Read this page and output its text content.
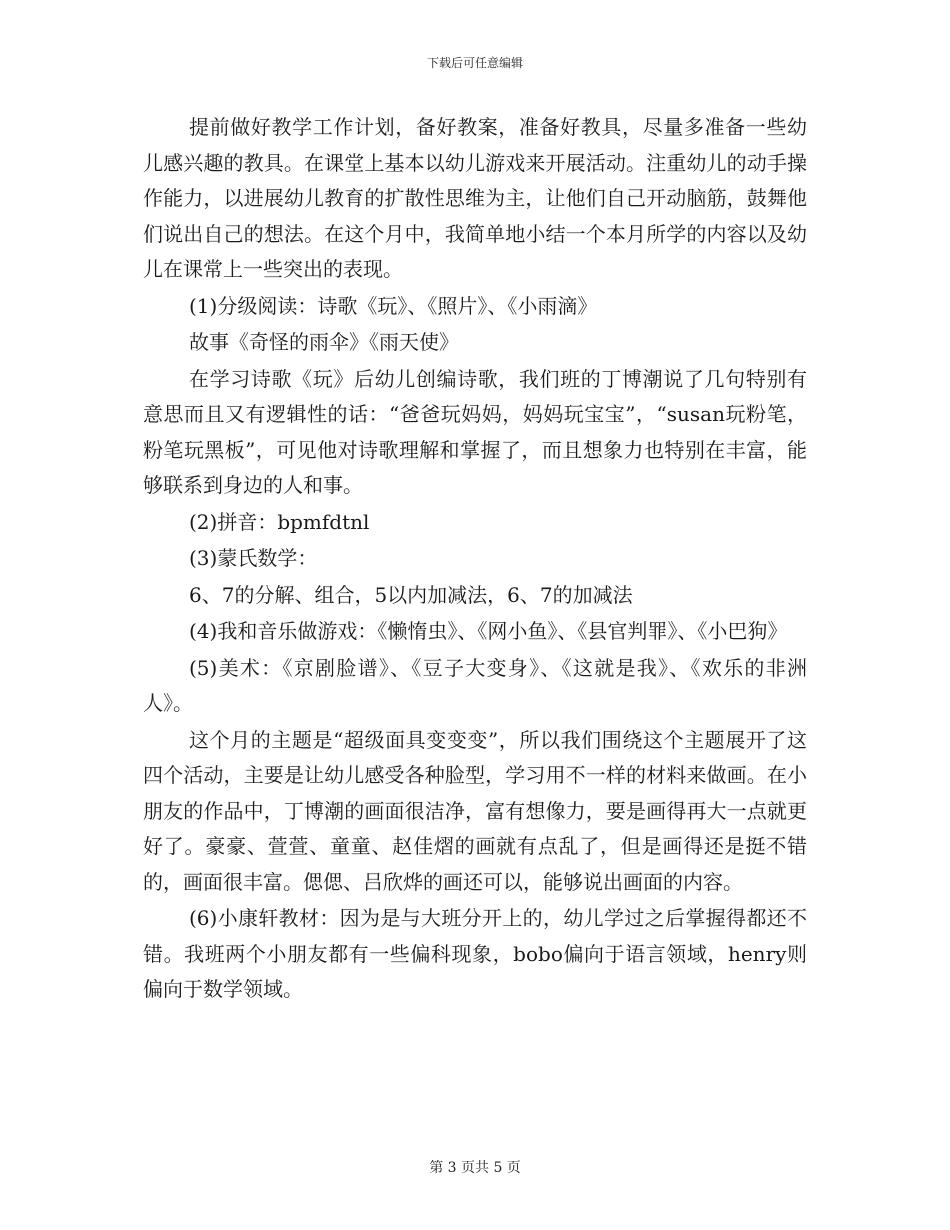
下载后可任意编辑

提前做好教学工作计划，备好教案，准备好教具，尽量多准备一些幼儿感兴趣的教具。在课堂上基本以幼儿游戏来开展活动。注重幼儿的动手操作能力，以进展幼儿教育的扩散性思维为主，让他们自己开动脑筋，鼓舞他们说出自己的想法。在这个月中，我简单地小结一个本月所学的内容以及幼儿在课常上一些突出的表现。

(1)分级阅读：诗歌《玩》、《照片》、《小雨滴》

故事《奇怪的雨伞》《雨天使》

在学习诗歌《玩》后幼儿创编诗歌，我们班的丁博潮说了几句特别有意思而且又有逻辑性的话：“爸爸玩妈妈，妈妈玩宝宝”，“susan玩粉笔，粉笔玩黑板”，可见他对诗歌理解和掌握了，而且想象力也特别在丰富，能够联系到身边的人和事。

(2)拼音：bpmfdtnl

(3)蒙氏数学：

6、7的分解、组合，5以内加减法，6、7的加减法

(4)我和音乐做游戏：《懒惰虫》、《网小鱼》、《县官判罪》、《小巴狗》

(5)美术：《京剧脸谱》、《豆子大变身》、《这就是我》、《欢乐的非洲人》。

这个月的主题是“超级面具变变变”，所以我们围绕这个主题展开了这四个活动，主要是让幼儿感受各种脸型，学习用不一样的材料来做画。在小朋友的作品中，丁博潮的画面很洁净，富有想像力，要是画得再大一点就更好了。豪豪、萱萱、童童、赵佳熠的画就有点乱了，但是画得还是挺不错的，画面很丰富。偲偲、吕欣烨的画还可以，能够说出画面的内容。

(6)小康轩教材：因为是与大班分开上的，幼儿学过之后掌握得都还不错。我班两个小朋友都有一些偏科现象，bobo偏向于语言领域，henry则偏向于数学领域。

第 3 页共 5 页
